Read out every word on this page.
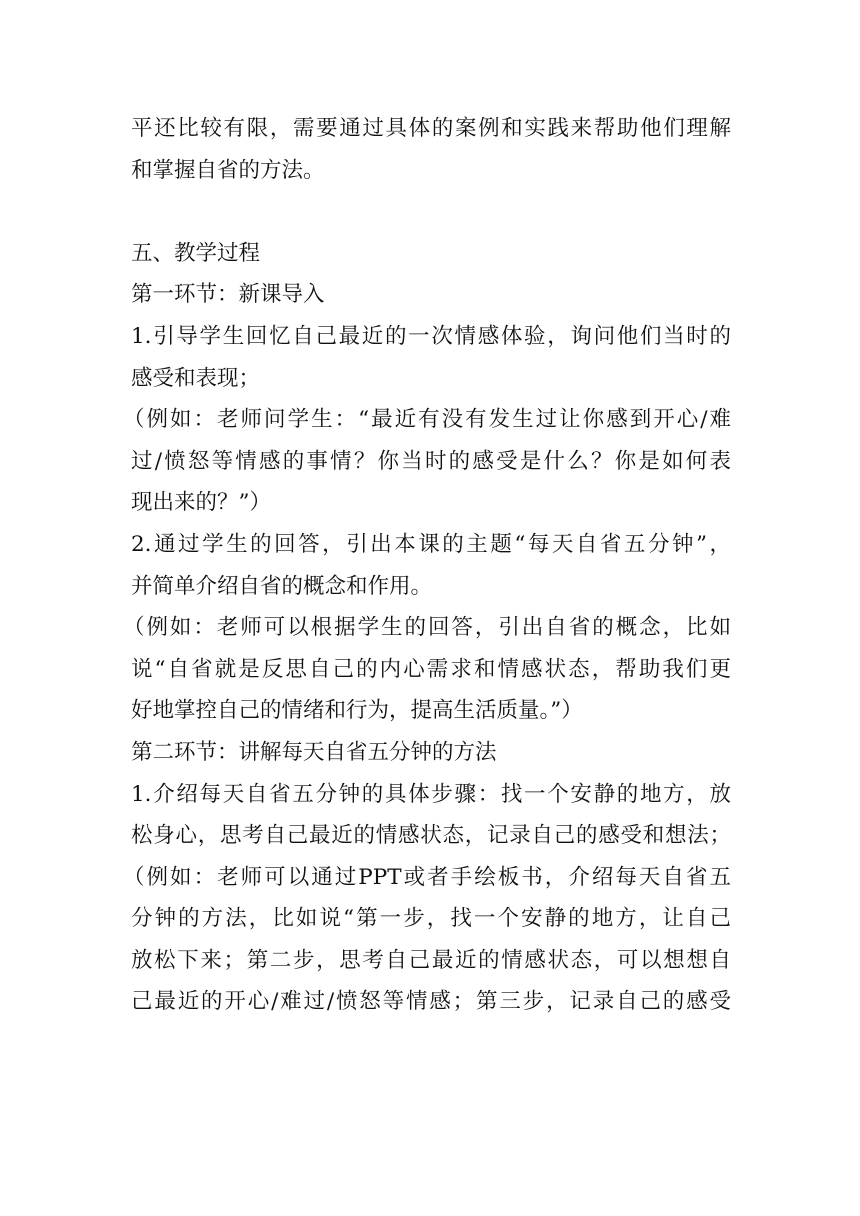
平还比较有限，需要通过具体的案例和实践来帮助他们理解
和掌握自省的方法。
五、教学过程
第一环节：新课导入
1.引导学生回忆自己最近的一次情感体验，询问他们当时的
感受和表现；
（例如：老师问学生：“最近有没有发生过让你感到开心/难
过/愤怒等情感的事情？你当时的感受是什么？你是如何表
现出来的？”）
2.通过学生的回答，引出本课的主题“每天自省五分钟”，
并简单介绍自省的概念和作用。
（例如：老师可以根据学生的回答，引出自省的概念，比如
说“自省就是反思自己的内心需求和情感状态，帮助我们更
好地掌控自己的情绪和行为，提高生活质量。”）
第二环节：讲解每天自省五分钟的方法
1.介绍每天自省五分钟的具体步骤：找一个安静的地方，放
松身心，思考自己最近的情感状态，记录自己的感受和想法；
（例如：老师可以通过PPT或者手绘板书，介绍每天自省五
分钟的方法，比如说“第一步，找一个安静的地方，让自己
放松下来；第二步，思考自己最近的情感状态，可以想想自
己最近的开心/难过/愤怒等情感；第三步，记录自己的感受
